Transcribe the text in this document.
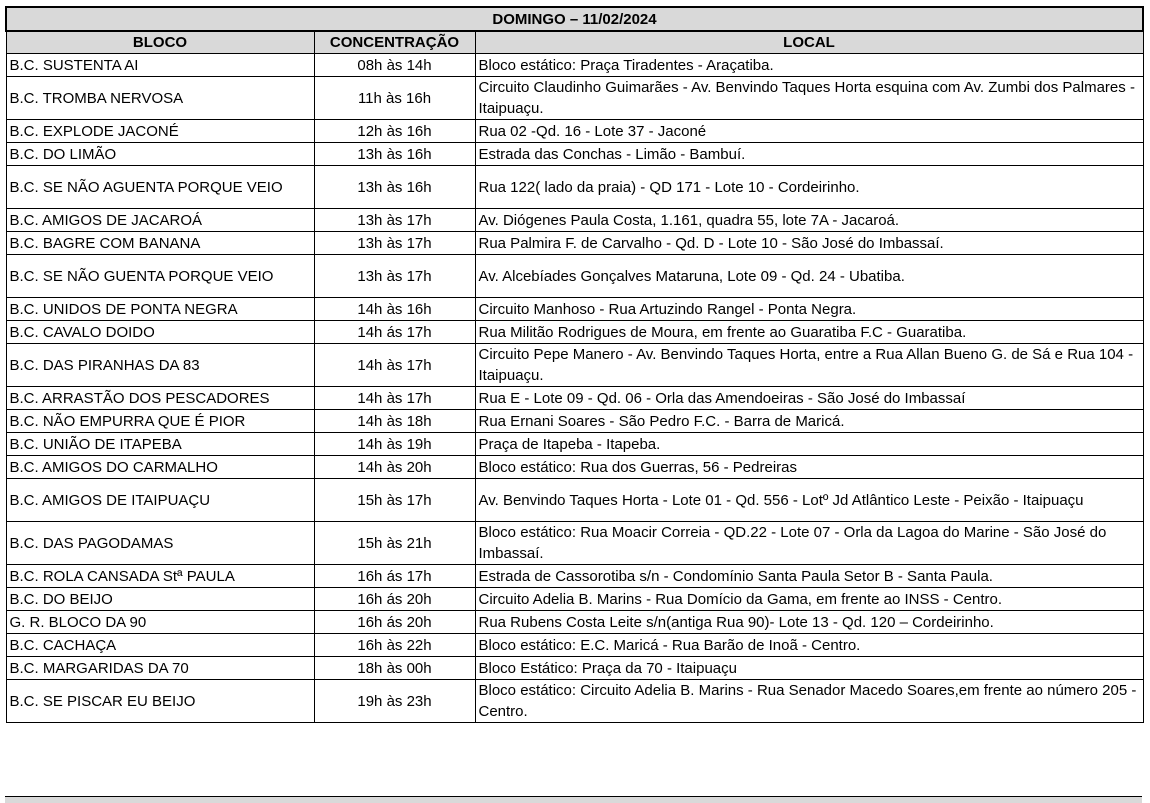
DOMINGO – 11/02/2024		
BLOCO	CONCENTRAÇÃO	LOCAL
B.C. SUSTENTA AI	08h às 14h	Bloco estático: Praça Tiradentes - Araçatiba.
B.C. TROMBA NERVOSA	11h às 16h	Circuito Claudinho Guimarães - Av. Benvindo Taques Horta esquina com Av. Zumbi dos Palmares - Itaipuaçu.
B.C. EXPLODE JACONÉ	12h às 16h	Rua 02 -Qd. 16 - Lote 37 - Jaconé
B.C. DO LIMÃO	13h às 16h	Estrada das Conchas - Limão - Bambuí.
B.C. SE NÃO AGUENTA PORQUE VEIO	13h às 16h	Rua 122( lado da praia) - QD 171 - Lote 10 - Cordeirinho.
B.C. AMIGOS DE JACAROÁ	13h às 17h	Av. Diógenes Paula Costa, 1.161, quadra 55, lote 7A - Jacaroá.
B.C. BAGRE COM BANANA	13h às 17h	Rua Palmira F. de Carvalho - Qd. D - Lote 10 - São José do Imbassaí.
B.C. SE NÃO GUENTA PORQUE VEIO	13h às 17h	Av. Alcebíades Gonçalves Mataruna, Lote 09 - Qd. 24 - Ubatiba.
B.C. UNIDOS DE PONTA NEGRA	14h às 16h	Circuito Manhoso - Rua Artuzindo Rangel - Ponta Negra.
B.C. CAVALO DOIDO	14h ás 17h	Rua Militão Rodrigues de Moura, em frente ao Guaratiba F.C - Guaratiba.
B.C. DAS PIRANHAS DA 83	14h às 17h	Circuito Pepe Manero - Av. Benvindo Taques Horta, entre a Rua Allan Bueno G. de Sá e Rua 104 - Itaipuaçu.
B.C. ARRASTÃO DOS PESCADORES	14h às 17h	Rua E - Lote 09 - Qd. 06 - Orla das Amendoeiras - São José do Imbassaí
B.C. NÃO EMPURRA QUE É PIOR	14h às 18h	Rua Ernani Soares - São Pedro F.C. - Barra de Maricá.
B.C. UNIÃO DE ITAPEBA	14h às 19h	Praça de Itapeba - Itapeba.
B.C. AMIGOS DO CARMALHO	14h às 20h	Bloco estático: Rua dos Guerras, 56 - Pedreiras
B.C. AMIGOS DE ITAIPUAÇU	15h às 17h	Av. Benvindo Taques Horta - Lote 01 - Qd. 556 - Lotº Jd Atlântico Leste - Peixão - Itaipuaçu
B.C. DAS PAGODAMAS	15h às 21h	Bloco estático: Rua Moacir Correia - QD.22 - Lote 07 - Orla da Lagoa do Marine - São José do Imbassaí.
B.C. ROLA CANSADA Stª PAULA	16h ás 17h	Estrada de Cassorotiba s/n - Condomínio Santa Paula Setor B - Santa Paula.
B.C. DO BEIJO	16h ás 20h	Circuito Adelia B. Marins - Rua Domício da Gama, em frente ao INSS - Centro.
G. R. BLOCO DA 90	16h ás 20h	Rua Rubens Costa Leite s/n(antiga Rua 90)- Lote 13 - Qd. 120 – Cordeirinho.
B.C. CACHAÇA	16h às 22h	Bloco estático: E.C. Maricá - Rua Barão de Inoã - Centro.
B.C. MARGARIDAS DA 70	18h às 00h	Bloco Estático: Praça da 70 - Itaipuaçu
B.C. SE PISCAR EU BEIJO	19h às 23h	Bloco estático: Circuito Adelia B. Marins - Rua Senador Macedo Soares,em frente ao número 205 - Centro.
